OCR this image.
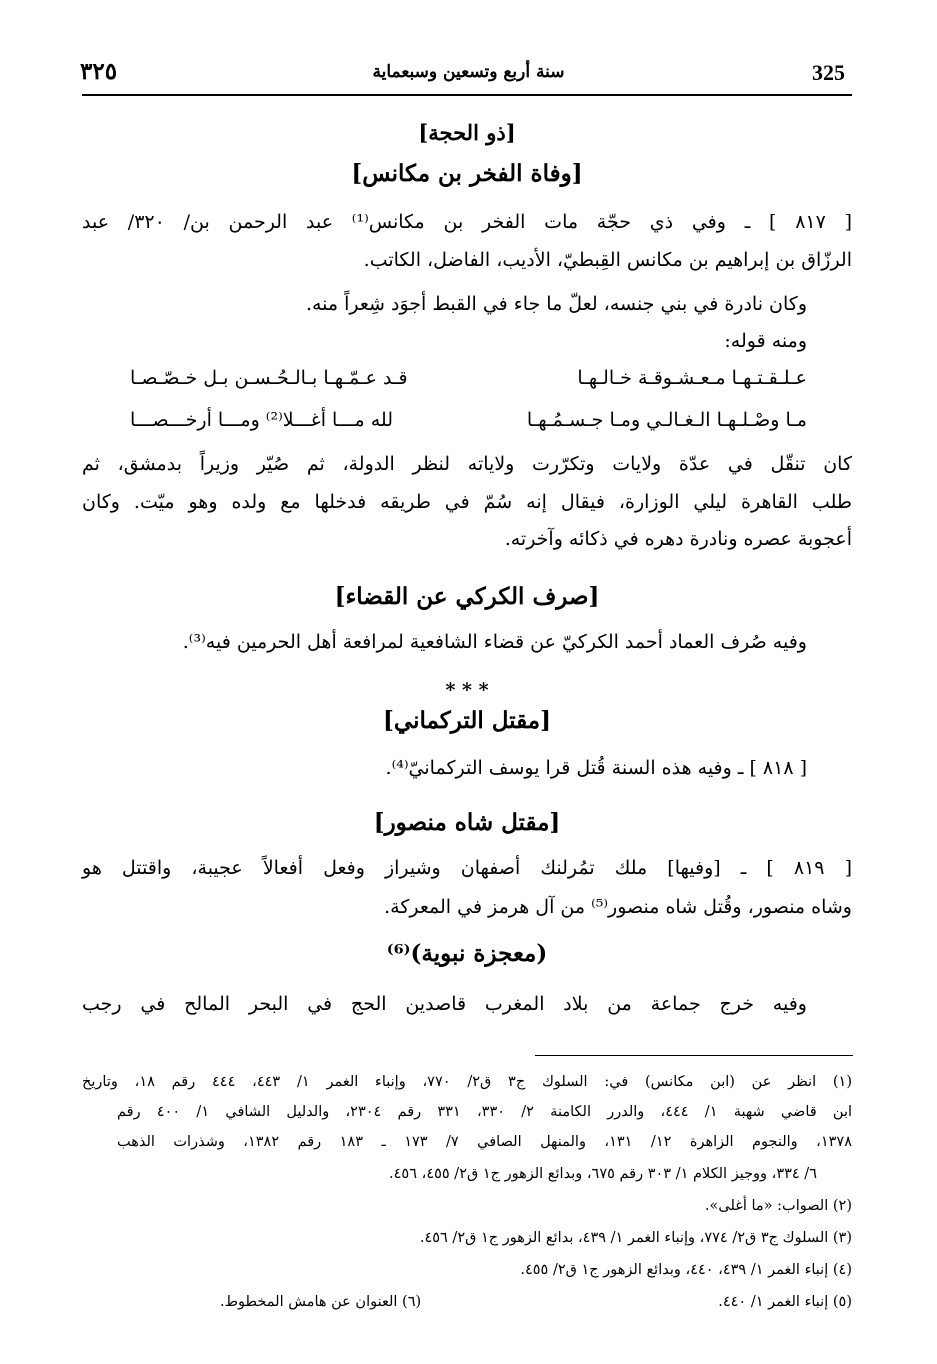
٣٢٥	سنة أربع وتسعين وسبعماية	325
[ذو الحجة]
[وفاة الفخر بن مكانس]
[ ٨١٧ ] ـ وفي ذي حجّة مات الفخر بن مكانس⁽¹⁾ عبد الرحمن بن/ ٣٢٠/ عبد
الرزّاق بن إبراهيم بن مكانس القِبطيّ، الأديب، الفاضل، الكاتب.
وكان نادرة في بني جنسه، لعلّ ما جاء في القبط أجوَد شِعراً منه.
ومنه قوله:
عـلـقـتـهـا مـعـشـوقـة خـالـهـا
قـد عـمّـهـا بـالـحُـسـن بـل خـصّـصـا
مـا وصْـلـهـا الـغـالـي ومـا جـسـمُـهـا
لله مـــا أغـــلا⁽²⁾ ومـــا أرخـــصـــا
كان تنقّل في عدّة ولايات وتكرّرت ولاياته لنظر الدولة، ثم صُيّر وزيراً بدمشق، ثم
طلب القاهرة ليلي الوزارة، فيقال إنه سُمّ في طريقه فدخلها مع ولده وهو ميّت. وكان
أعجوبة عصره ونادرة دهره في ذكائه وآخرته.
[صرف الكركي عن القضاء]
وفيه صُرف العماد أحمد الكركيّ عن قضاء الشافعية لمرافعة أهل الحرمين فيه⁽³⁾.
* * *
[مقتل التركماني]
[ ٨١٨ ] ـ وفيه هذه السنة قُتل قرا يوسف التركمانيّ⁽⁴⁾.
[مقتل شاه منصور]
[ ٨١٩ ] ـ [وفيها] ملك تمُرلنك أصفهان وشيراز وفعل أفعالاً عجيبة، واقتتل هو
وشاه منصور، وقُتل شاه منصور⁽⁵⁾ من آل هرمز في المعركة.
(معجزة نبوية)⁽⁶⁾
وفيه خرج جماعة من بلاد المغرب قاصدين الحج في البحر المالح في رجب
(١) انظر عن (ابن مكانس) في: السلوك ج٣ ق٢/ ٧٧٠، وإنباء الغمر ١/ ٤٤٣، ٤٤٤ رقم ١٨، وتاريخ
ابن قاضي شهبة ١/ ٤٤٤، والدرر الكامنة ٢/ ٣٣٠، ٣٣١ رقم ٢٣٠٤، والدليل الشافي ١/ ٤٠٠ رقم
١٣٧٨، والنجوم الزاهرة ١٢/ ١٣١، والمنهل الصافي ٧/ ١٧٣ ـ ١٨٣ رقم ١٣٨٢، وشذرات الذهب
٦/ ٣٣٤، ووجيز الكلام ١/ ٣٠٣ رقم ٦٧٥، وبدائع الزهور ج١ ق٢/ ٤٥٥، ٤٥٦.
(٢) الصواب: «ما أغلى».
(٣) السلوك ج٣ ق٢/ ٧٧٤، وإنباء الغمر ١/ ٤٣٩، بدائع الزهور ج١ ق٢/ ٤٥٦.
(٤) إنباء الغمر ١/ ٤٣٩، ٤٤٠، وبدائع الزهور ج١ ق٢/ ٤٥٥.
(٥) إنباء الغمر ١/ ٤٤٠.
(٦) العنوان عن هامش المخطوط.
